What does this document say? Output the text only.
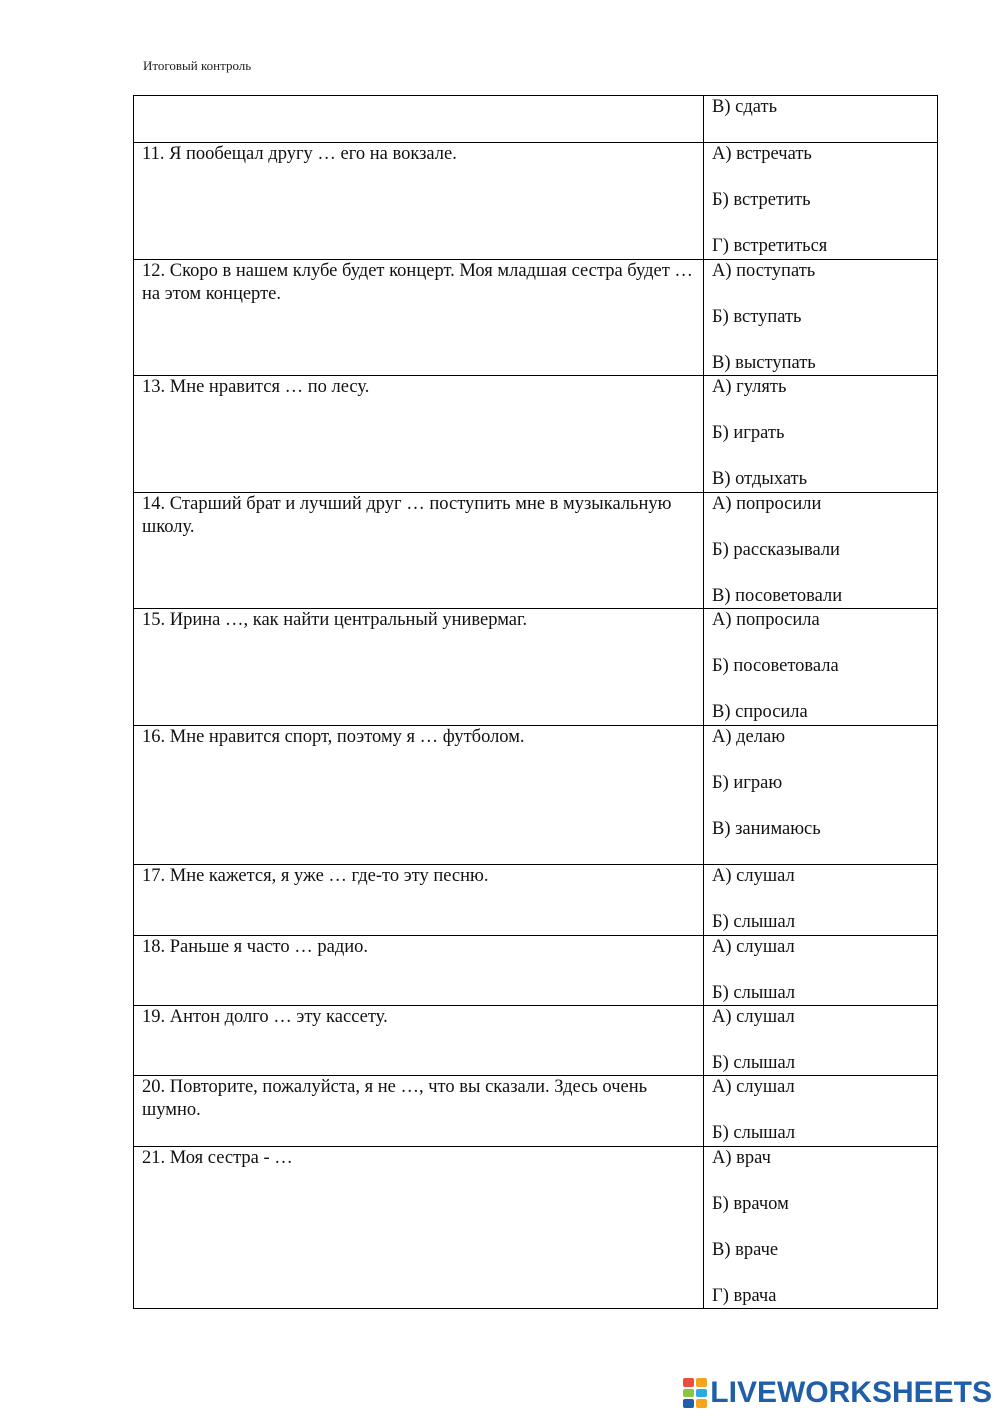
Итоговый контроль

	В) сдать

11. Я пообещал другу … его на вокзале.	А) встречать
Б) встретить
Г) встретиться

12. Скоро в нашем клубе будет концерт. Моя младшая сестра будет … на этом концерте.	А) поступать
Б) вступать
В) выступать

13. Мне нравится … по лесу.	А) гулять
Б) играть
В) отдыхать

14. Старший брат и лучший друг … поступить мне в музыкальную школу.	А) попросили
Б) рассказывали
В) посоветовали

15. Ирина …, как найти центральный универмаг.	А) попросила
Б) посоветовала
В) спросила

16. Мне нравится спорт, поэтому я … футболом.	А) делаю
Б) играю
В) занимаюсь

17. Мне кажется, я уже … где-то эту песню.	А) слушал
Б) слышал

18. Раньше я часто … радио.	А) слушал
Б) слышал

19. Антон долго … эту кассету.	А) слушал
Б) слышал

20. Повторите, пожалуйста, я не …, что вы сказали. Здесь очень шумно.	А) слушал
Б) слышал

21. Моя сестра - …	А) врач
Б) врачом
В) враче
Г) врача
LIVEWORKSHEETS
